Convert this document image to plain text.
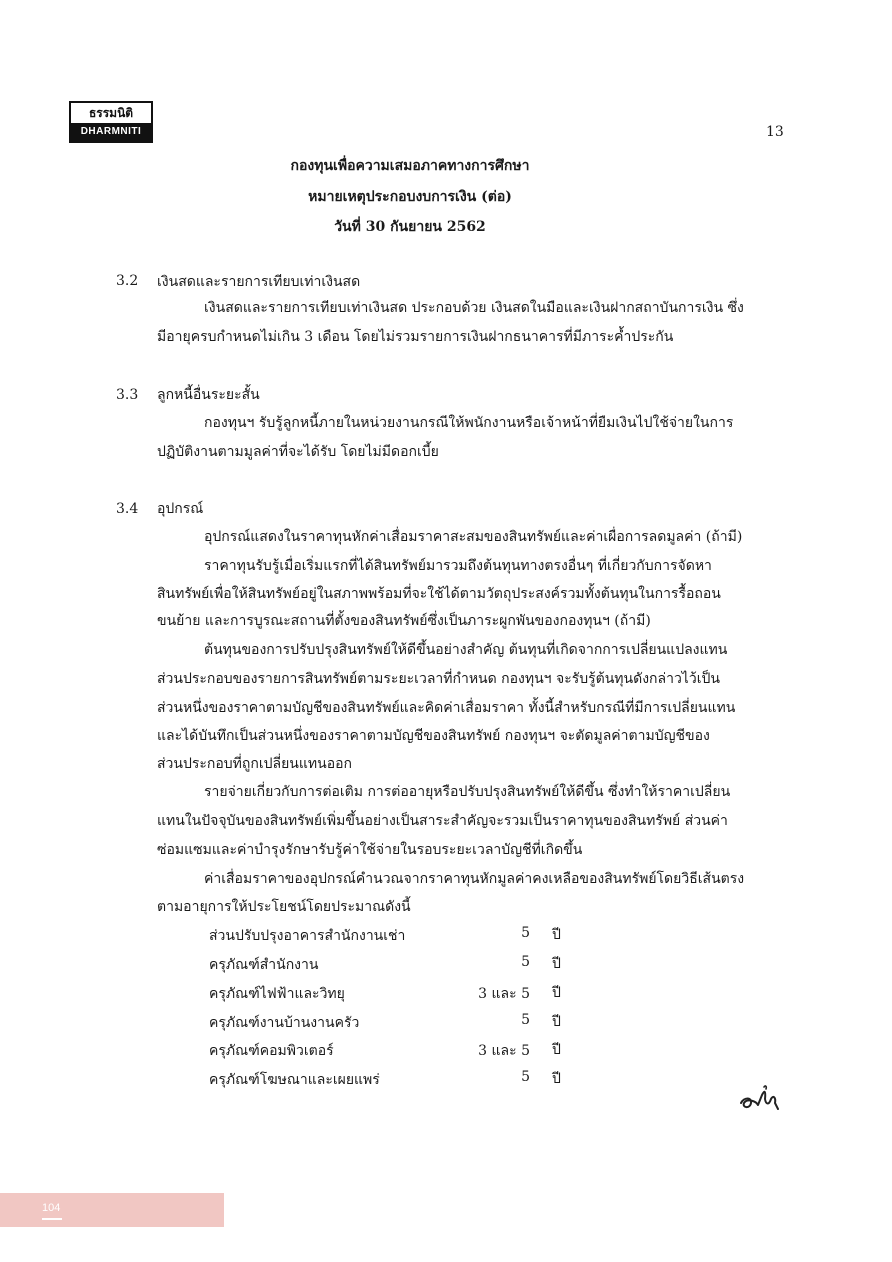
ธรรมนิติ
DHARMNITI	13
กองทุนเพื่อความเสมอภาคทางการศึกษา
หมายเหตุประกอบงบการเงิน (ต่อ)
วันที่ 30 กันยายน 2562
3.2 เงินสดและรายการเทียบเท่าเงินสด
เงินสดและรายการเทียบเท่าเงินสด ประกอบด้วย เงินสดในมือและเงินฝากสถาบันการเงิน ซึ่ง
มีอายุครบกำหนดไม่เกิน 3 เดือน โดยไม่รวมรายการเงินฝากธนาคารที่มีภาระค้ำประกัน
3.3 ลูกหนี้อื่นระยะสั้น
กองทุนฯ รับรู้ลูกหนี้ภายในหน่วยงานกรณีให้พนักงานหรือเจ้าหน้าที่ยืมเงินไปใช้จ่ายในการ
ปฏิบัติงานตามมูลค่าที่จะได้รับ โดยไม่มีดอกเบี้ย
3.4 อุปกรณ์
อุปกรณ์แสดงในราคาทุนหักค่าเสื่อมราคาสะสมของสินทรัพย์และค่าเผื่อการลดมูลค่า (ถ้ามี)
ราคาทุนรับรู้เมื่อเริ่มแรกที่ได้สินทรัพย์มารวมถึงต้นทุนทางตรงอื่นๆ ที่เกี่ยวกับการจัดหา
สินทรัพย์เพื่อให้สินทรัพย์อยู่ในสภาพพร้อมที่จะใช้ได้ตามวัตถุประสงค์รวมทั้งต้นทุนในการรื้อถอน
ขนย้าย และการบูรณะสถานที่ตั้งของสินทรัพย์ซึ่งเป็นภาระผูกพันของกองทุนฯ (ถ้ามี)
ต้นทุนของการปรับปรุงสินทรัพย์ให้ดีขึ้นอย่างสำคัญ ต้นทุนที่เกิดจากการเปลี่ยนแปลงแทน
ส่วนประกอบของรายการสินทรัพย์ตามระยะเวลาที่กำหนด กองทุนฯ จะรับรู้ต้นทุนดังกล่าวไว้เป็น
ส่วนหนึ่งของราคาตามบัญชีของสินทรัพย์และคิดค่าเสื่อมราคา ทั้งนี้สำหรับกรณีที่มีการเปลี่ยนแทน
และได้บันทึกเป็นส่วนหนึ่งของราคาตามบัญชีของสินทรัพย์ กองทุนฯ จะตัดมูลค่าตามบัญชีของ
ส่วนประกอบที่ถูกเปลี่ยนแทนออก
รายจ่ายเกี่ยวกับการต่อเติม การต่ออายุหรือปรับปรุงสินทรัพย์ให้ดีขึ้น ซึ่งทำให้ราคาเปลี่ยน
แทนในปัจจุบันของสินทรัพย์เพิ่มขึ้นอย่างเป็นสาระสำคัญจะรวมเป็นราคาทุนของสินทรัพย์ ส่วนค่า
ซ่อมแซมและค่าบำรุงรักษารับรู้ค่าใช้จ่ายในรอบระยะเวลาบัญชีที่เกิดขึ้น
ค่าเสื่อมราคาของอุปกรณ์คำนวณจากราคาทุนหักมูลค่าคงเหลือของสินทรัพย์โดยวิธีเส้นตรง
ตามอายุการให้ประโยชน์โดยประมาณดังนี้
ส่วนปรับปรุงอาคารสำนักงานเช่า	5 ปี
ครุภัณฑ์สำนักงาน	5 ปี
ครุภัณฑ์ไฟฟ้าและวิทยุ	3 และ 5 ปี
ครุภัณฑ์งานบ้านงานครัว	5 ปี
ครุภัณฑ์คอมพิวเตอร์	3 และ 5 ปี
ครุภัณฑ์โฆษณาและเผยแพร่	5 ปี
104
